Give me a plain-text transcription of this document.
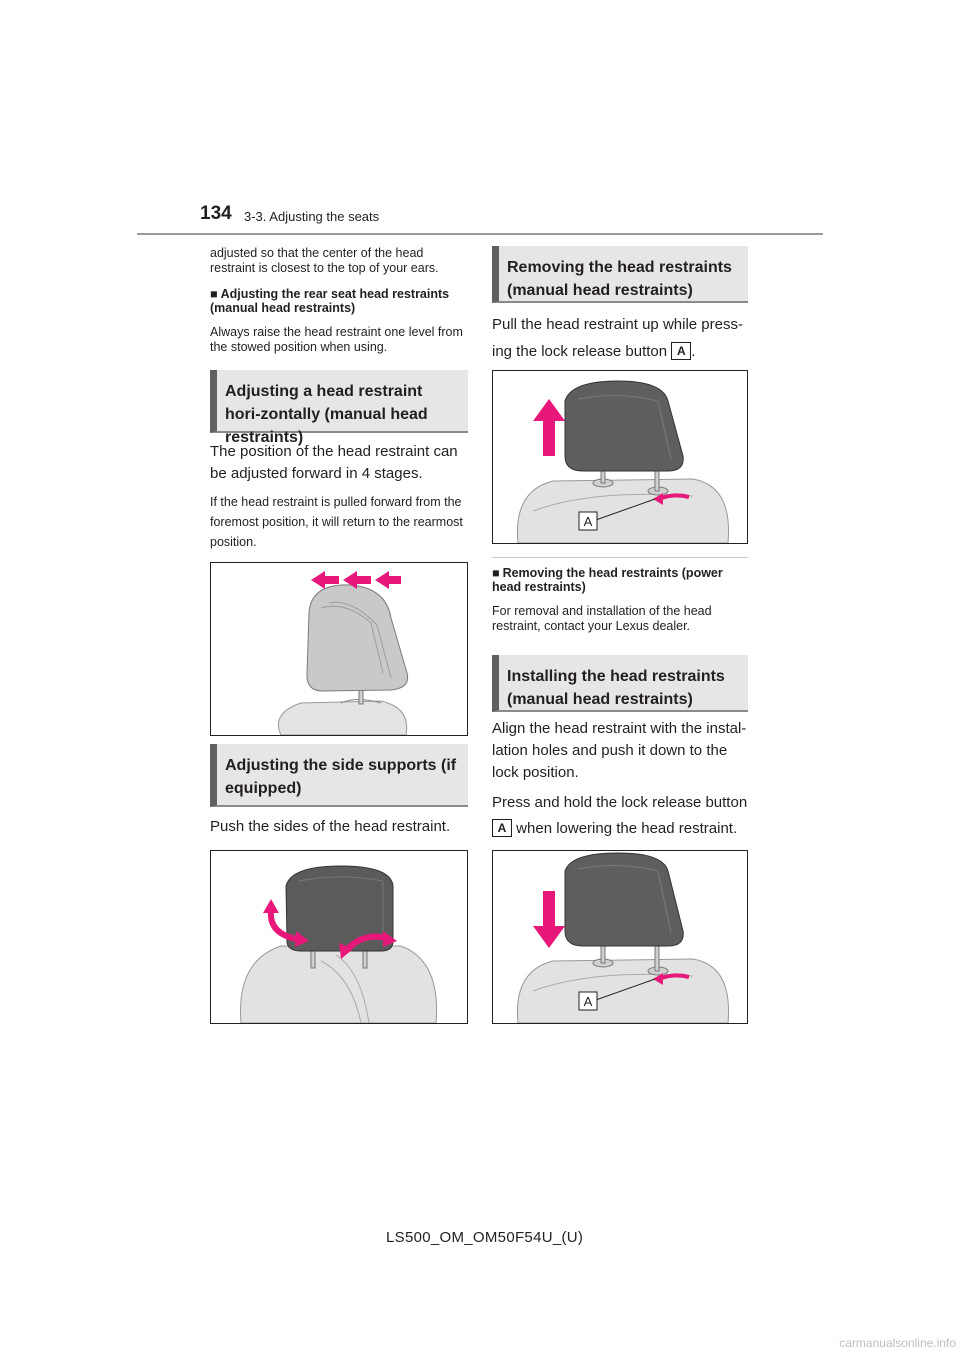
134 3-3. Adjusting the seats
adjusted so that the center of the head restraint is closest to the top of your ears.
■ Adjusting the rear seat head restraints (manual head restraints)
Always raise the head restraint one level from the stowed position when using.
Adjusting a head restraint hori-zontally (manual head restraints)
The position of the head restraint can be adjusted forward in 4 stages.
If the head restraint is pulled forward from the foremost position, it will return to the rearmost position.
Adjusting the side supports (if equipped)
Push the sides of the head restraint.
Removing the head restraints (manual head restraints)
Pull the head restraint up while press-ing the lock release button A .
A
■ Removing the head restraints (power head restraints)
For removal and installation of the head restraint, contact your Lexus dealer.
Installing the head restraints (manual head restraints)
Align the head restraint with the instal-lation holes and push it down to the lock position.
Press and hold the lock release button
A when lowering the head restraint.
A
LS500_OM_OM50F54U_(U)
carmanualsonline.info
